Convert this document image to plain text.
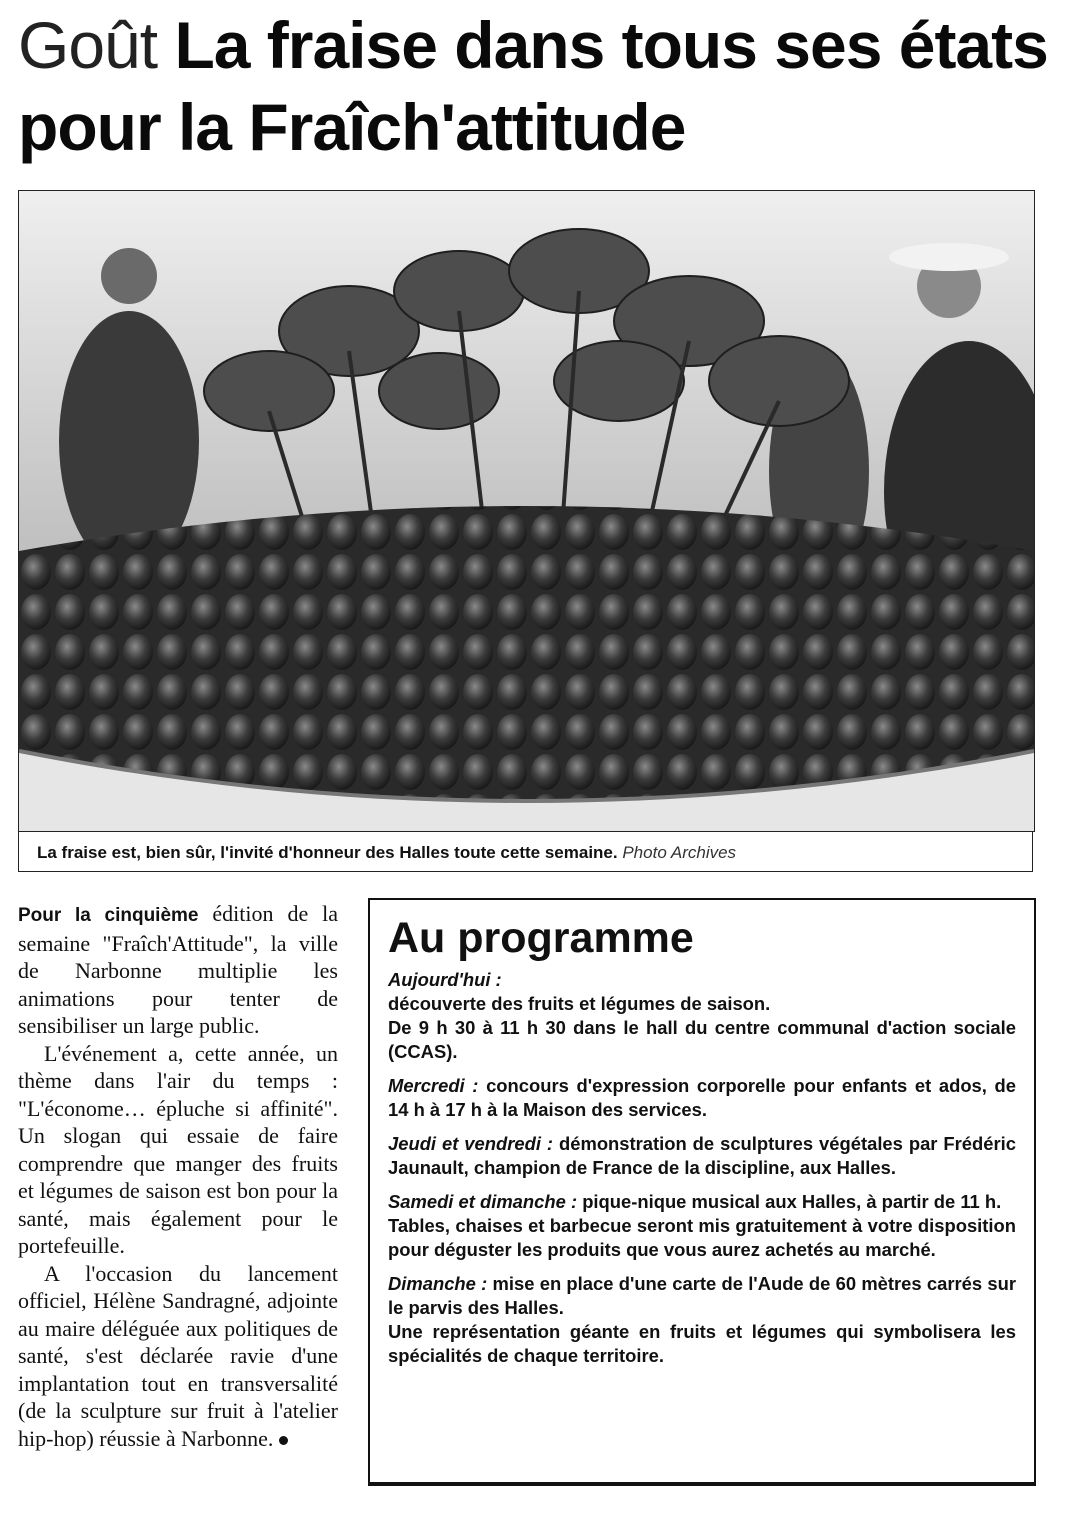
Goût La fraise dans tous ses états pour la Fraîch'attitude
La fraise est, bien sûr, l'invité d'honneur des Halles toute cette semaine. Photo Archives

Pour la cinquième édition de la semaine "Fraîch'Attitude", la ville de Narbonne multiplie les animations pour tenter de sensibiliser un large public.

L'événement a, cette année, un thème dans l'air du temps : "L'économe… épluche si affinité". Un slogan qui essaie de faire comprendre que manger des fruits et légumes de saison est bon pour la santé, mais également pour le portefeuille.

A l'occasion du lancement officiel, Hélène Sandragné, adjointe au maire déléguée aux politiques de santé, s'est déclarée ravie d'une implantation tout en transversalité (de la sculpture sur fruit à l'atelier hip-hop) réussie à Narbonne.

Au programme
Aujourd'hui :
découverte des fruits et légumes de saison.
De 9 h 30 à 11 h 30 dans le hall du centre communal d'action sociale (CCAS).
Mercredi : concours d'expression corporelle pour enfants et ados, de 14 h à 17 h à la Maison des services.
Jeudi et vendredi : démonstration de sculptures végétales par Frédéric Jaunault, champion de France de la discipline, aux Halles.
Samedi et dimanche : pique-nique musical aux Halles, à partir de 11 h.
Tables, chaises et barbecue seront mis gratuitement à votre disposition pour déguster les produits que vous aurez achetés au marché.
Dimanche : mise en place d'une carte de l'Aude de 60 mètres carrés sur le parvis des Halles.
Une représentation géante en fruits et légumes qui symbolisera les spécialités de chaque territoire.
